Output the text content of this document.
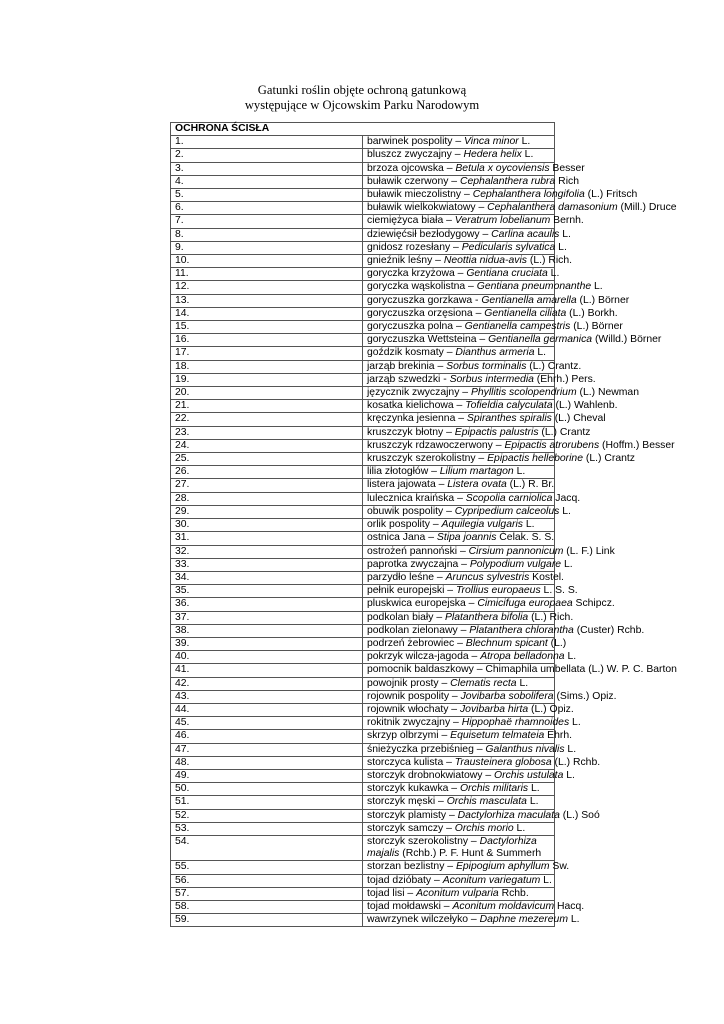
Gatunki roślin objęte ochroną gatunkową
występujące w Ojcowskim Parku Narodowym
OCHRONA ŚCISŁA	
1.	barwinek pospolity – Vinca minor L.
2.	bluszcz zwyczajny – Hedera helix L.
3.	brzoza ojcowska – Betula x oycoviensis Besser
4.	buławik czerwony – Cephalanthera rubra Rich
5.	buławik mieczolistny – Cephalanthera longifolia (L.) Fritsch
6.	buławik wielkokwiatowy – Cephalanthera damasonium (Mill.) Druce
7.	ciemiężyca biała – Veratrum lobelianum Bernh.
8.	dziewięćsił bezłodygowy – Carlina acaulis L.
9.	gnidosz rozesłany – Pedicularis sylvatica L.
10.	gnieźnik leśny – Neottia nidua-avis (L.) Rich.
11.	goryczka krzyżowa – Gentiana cruciata L.
12.	goryczka wąskolistna – Gentiana pneumonanthe L.
13.	goryczuszka gorzkawa - Gentianella amarella (L.) Börner
14.	goryczuszka orzęsiona – Gentianella ciliata (L.) Borkh.
15.	goryczuszka polna – Gentianella campestris (L.) Börner
16.	goryczuszka Wettsteina – Gentianella germanica (Willd.) Börner
17.	goździk kosmaty – Dianthus armeria L.
18.	jarząb brekinia – Sorbus torminalis (L.) Crantz.
19.	jarząb szwedzki - Sorbus intermedia (Ehrh.) Pers.
20.	języcznik zwyczajny – Phyllitis scolopendrium (L.) Newman
21.	kosatka kielichowa – Tofieldia calyculata (L.) Wahlenb.
22.	kręczynka jesienna – Spiranthes spiralis (L.) Cheval
23.	kruszczyk błotny – Epipactis palustris (L.) Crantz
24.	kruszczyk rdzawoczerwony – Epipactis atrorubens (Hoffm.) Besser
25.	kruszczyk szerokolistny – Epipactis helleborine (L.) Crantz
26.	lilia złotogłów – Lilium martagon L.
27.	listera jajowata – Listera ovata (L.) R. Br.
28.	lulecznica kraińska – Scopolia carniolica Jacq.
29.	obuwik pospolity – Cypripedium calceolus L.
30.	orlik pospolity – Aquilegia vulgaris L.
31.	ostnica Jana – Stipa joannis Čelak. S. S.
32.	ostrożeń pannoński – Cirsium pannonicum (L. F.) Link
33.	paprotka zwyczajna – Polypodium vulgare L.
34.	parzydło leśne – Aruncus sylvestris Kostel.
35.	pełnik europejski – Trollius europaeus L. S. S.
36.	pluskwica europejska – Cimicifuga europaea Schipcz.
37.	podkolan biały – Platanthera bifolia (L.) Rich.
38.	podkolan zielonawy – Platanthera chlorantha (Custer) Rchb.
39.	podrzeń żebrowiec – Blechnum spicant (L.)
40.	pokrzyk wilcza-jagoda – Atropa belladonna L.
41.	pomocnik baldaszkowy – Chimaphila umbellata (L.) W. P. C. Barton
42.	powojnik prosty – Clematis recta L.
43.	rojownik pospolity – Jovibarba sobolifera (Sims.) Opiz.
44.	rojownik włochaty – Jovibarba hirta (L.) Opiz.
45.	rokitnik zwyczajny – Hippophaë rhamnoides L.
46.	skrzyp olbrzymi – Equisetum telmateia Ehrh.
47.	śnieżyczka przebiśnieg – Galanthus nivalis L.
48.	storczyca kulista – Trausteinera globosa (L.) Rchb.
49.	storczyk drobnokwiatowy – Orchis ustulata L.
50.	storczyk kukawka – Orchis militaris L.
51.	storczyk męski – Orchis masculata L.
52.	storczyk plamisty – Dactylorhiza maculata (L.) Soó
53.	storczyk samczy – Orchis morio L.
54.	storczyk szerokolistny – Dactylorhiza majalis (Rchb.) P. F. Hunt & Summerh
55.	storzan bezlistny – Epipogium aphyllum Sw.
56.	tojad dzióbaty – Aconitum variegatum L.
57.	tojad lisi – Aconitum vulparia Rchb.
58.	tojad mołdawski – Aconitum moldavicum Hacq.
59.	wawrzynek wilczełyko – Daphne mezereum L.
